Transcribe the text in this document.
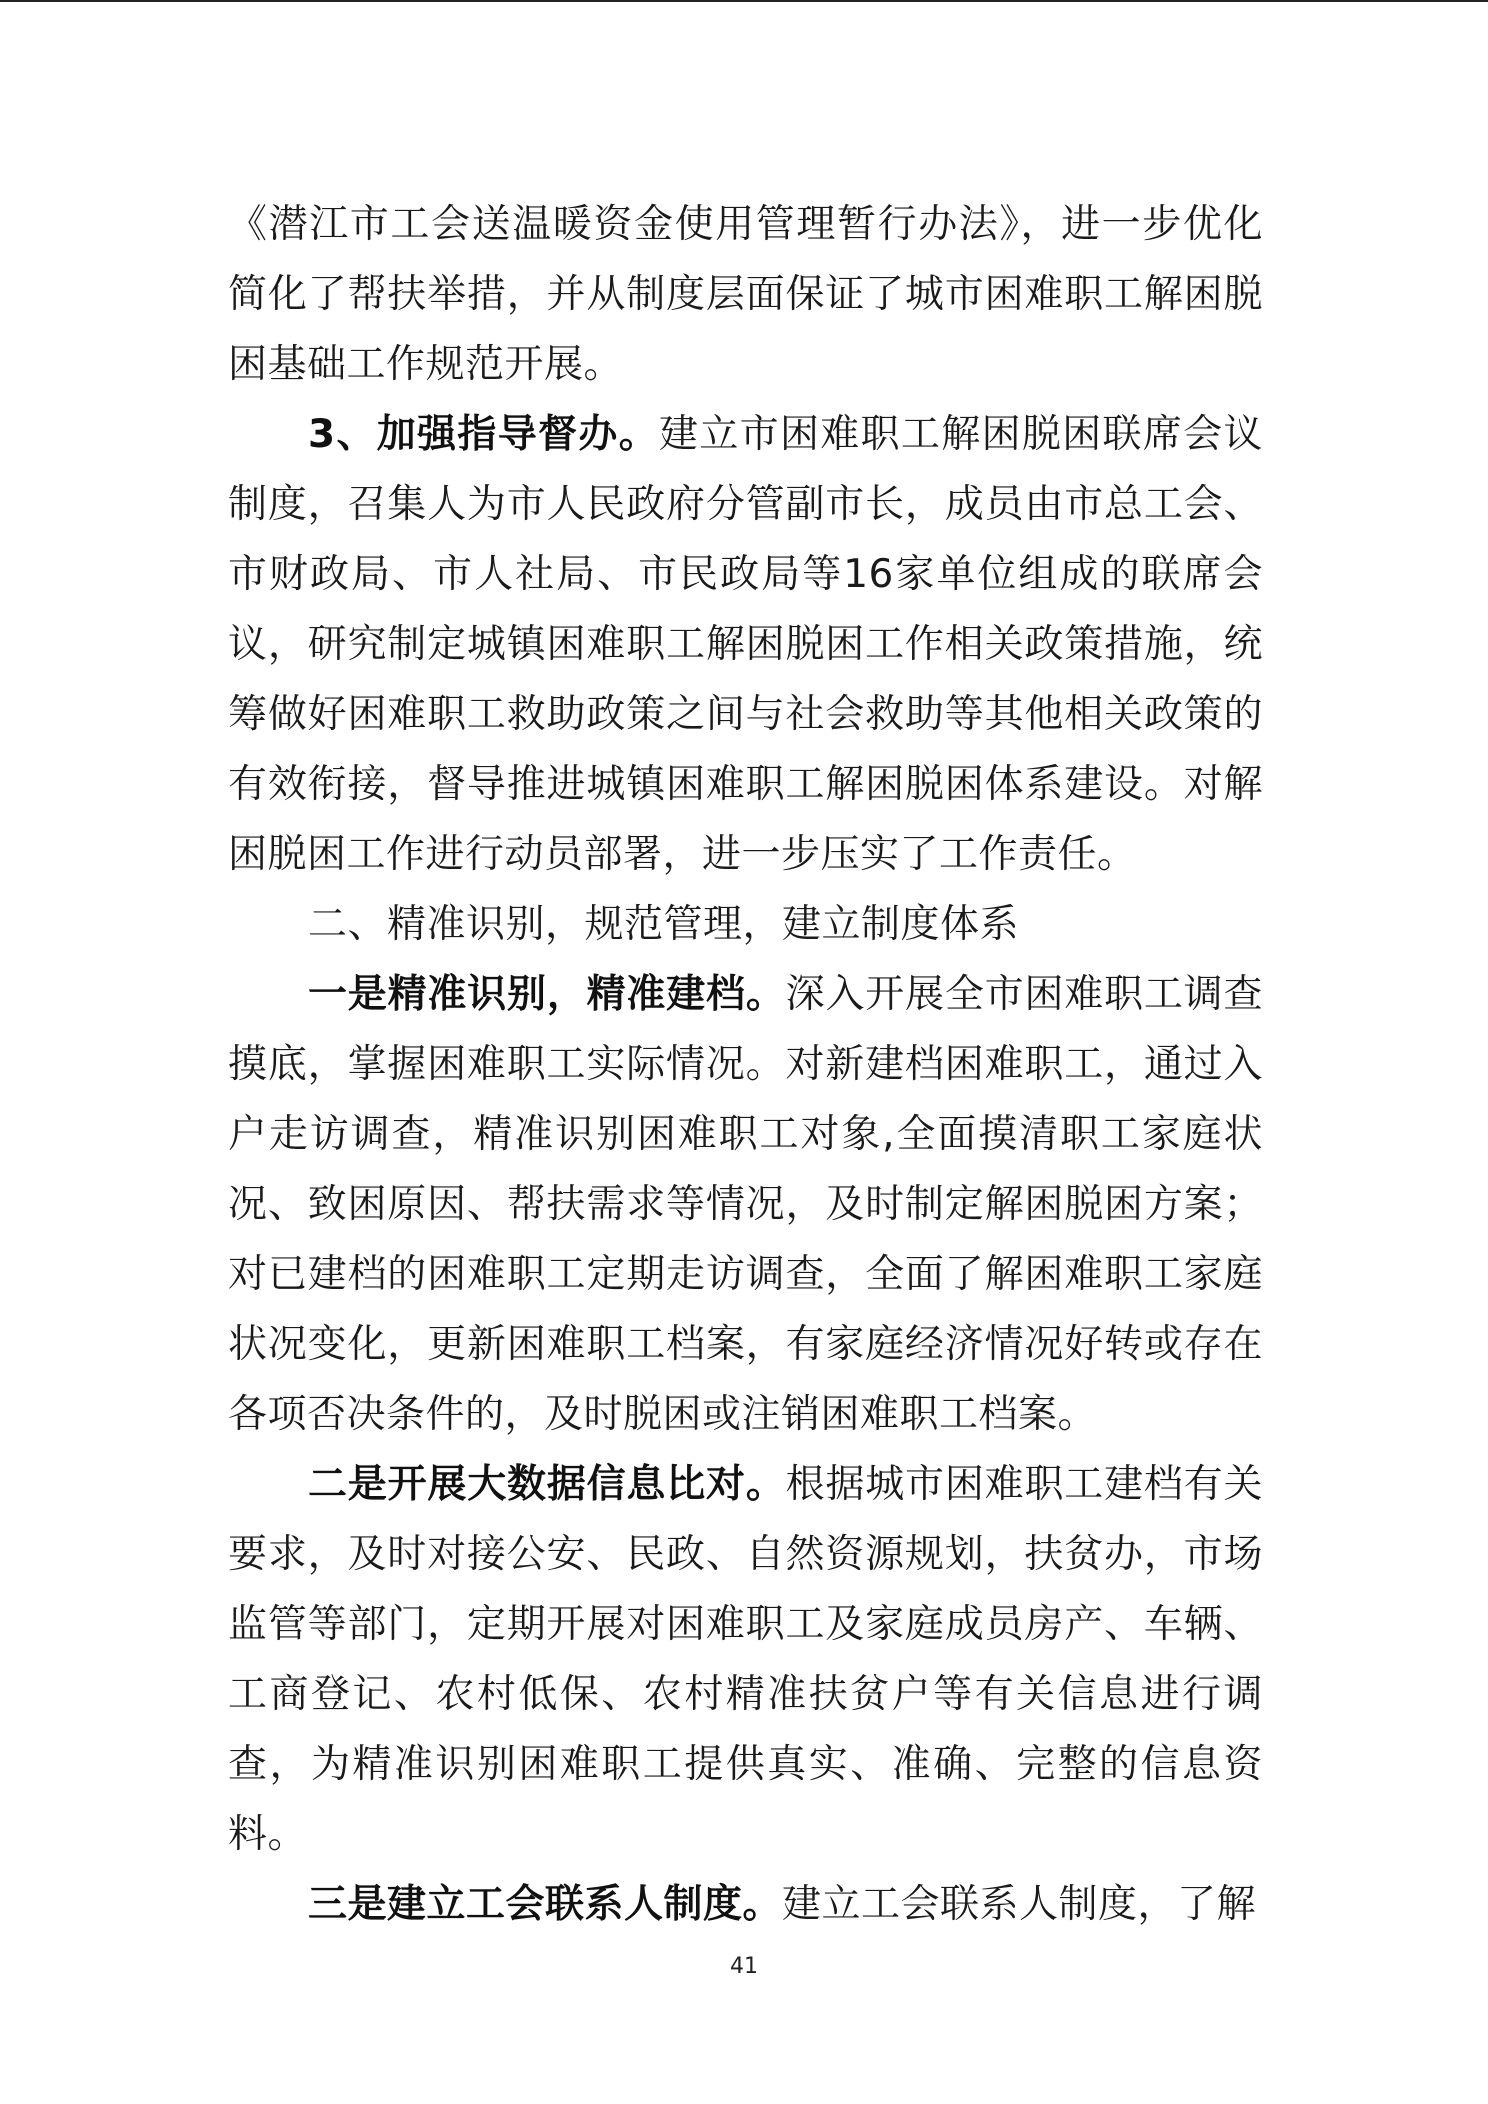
《潜江市工会送温暖资金使用管理暂行办法》，进一步优化简化了帮扶举措，并从制度层面保证了城市困难职工解困脱困基础工作规范开展。

3、加强指导督办。建立市困难职工解困脱困联席会议制度，召集人为市人民政府分管副市长，成员由市总工会、市财政局、市人社局、市民政局等16家单位组成的联席会议，研究制定城镇困难职工解困脱困工作相关政策措施，统筹做好困难职工救助政策之间与社会救助等其他相关政策的有效衔接，督导推进城镇困难职工解困脱困体系建设。对解困脱困工作进行动员部署，进一步压实了工作责任。

二、精准识别，规范管理，建立制度体系

一是精准识别，精准建档。深入开展全市困难职工调查摸底，掌握困难职工实际情况。对新建档困难职工，通过入户走访调查，精准识别困难职工对象,全面摸清职工家庭状况、致困原因、帮扶需求等情况，及时制定解困脱困方案；对已建档的困难职工定期走访调查，全面了解困难职工家庭状况变化，更新困难职工档案，有家庭经济情况好转或存在各项否决条件的，及时脱困或注销困难职工档案。

二是开展大数据信息比对。根据城市困难职工建档有关要求，及时对接公安、民政、自然资源规划，扶贫办，市场监管等部门，定期开展对困难职工及家庭成员房产、车辆、工商登记、农村低保、农村精准扶贫户等有关信息进行调查，为精准识别困难职工提供真实、准确、完整的信息资料。

三是建立工会联系人制度。建立工会联系人制度，了解

41
